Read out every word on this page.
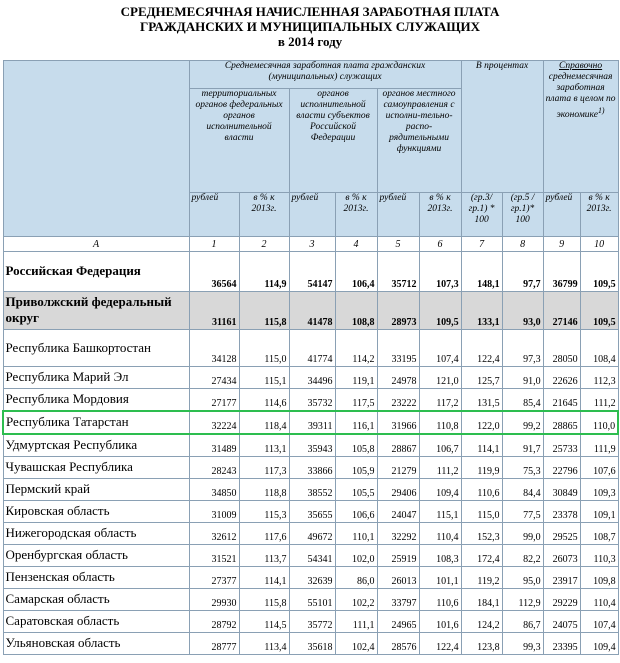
СРЕДНЕМЕСЯЧНАЯ НАЧИСЛЕННАЯ ЗАРАБОТНАЯ ПЛАТА
ГРАЖДАНСКИХ И МУНИЦИПАЛЬНЫХ СЛУЖАЩИХ
в 2014 году
	Среднемесячная заработная плата гражданских (муниципальных) служащих						В процентах		Справочно
среднемесячная заработная плата в целом по экономике$^{1)}$
	территориальных органов федеральных органов исполнительной власти		органов исполнительной власти субъектов Российской Федерации		органов местного самоуправления с исполни-тельно-распо-рядительными функциями					
	рублей	в % к 2013г.	рублей	в % к 2013г.	рублей	в % к 2013г.	(гр.3/ гр.1) * 100	(гр.5 / гр.1)* 100	рублей	в % к 2013г.
А	1	2	3	4	5	6	7	8	9	10
Российская Федерация	36564	114,9	54147	106,4	35712	107,3	148,1	97,7	36799	109,5
Приволжский федеральный округ	31161	115,8	41478	108,8	28973	109,5	133,1	93,0	27146	109,5
Республика Башкортостан	34128	115,0	41774	114,2	33195	107,4	122,4	97,3	28050	108,4
Республика Марий Эл	27434	115,1	34496	119,1	24978	121,0	125,7	91,0	22626	112,3
Республика Мордовия	27177	114,6	35732	117,5	23222	117,2	131,5	85,4	21645	111,2
Республика Татарстан	32224	118,4	39311	116,1	31966	110,8	122,0	99,2	28865	110,0
Удмуртская Республика	31489	113,1	35943	105,8	28867	106,7	114,1	91,7	25733	111,9
Чувашская Республика	28243	117,3	33866	105,9	21279	111,2	119,9	75,3	22796	107,6
Пермский край	34850	118,8	38552	105,5	29406	109,4	110,6	84,4	30849	109,3
Кировская область	31009	115,3	35655	106,6	24047	115,1	115,0	77,5	23378	109,1
Нижегородская область	32612	117,6	49672	110,1	32292	110,4	152,3	99,0	29525	108,7
Оренбургская область	31521	113,7	54341	102,0	25919	108,3	172,4	82,2	26073	110,3
Пензенская область	27377	114,1	32639	86,0	26013	101,1	119,2	95,0	23917	109,8
Самарская область	29930	115,8	55101	102,2	33797	110,6	184,1	112,9	29229	110,4
Саратовская область	28792	114,5	35772	111,1	24965	101,6	124,2	86,7	24075	107,4
Ульяновская область	28777	113,4	35618	102,4	28576	122,4	123,8	99,3	23395	109,4
